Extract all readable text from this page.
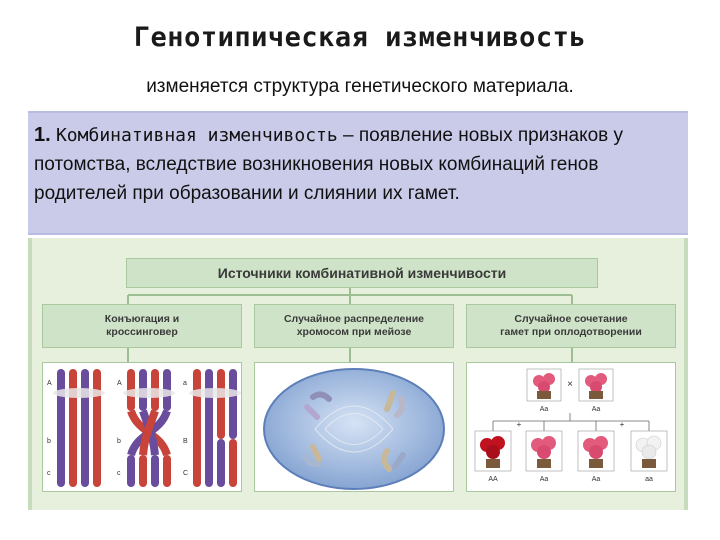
Генотипическая изменчивость
изменяется структура генетического материала.
1. Комбинативная изменчивость – появление новых признаков у потомства, вследствие возникновения новых комбинаций генов родителей при образовании и слиянии их гамет.
Источники комбинативной изменчивости
Конъюгация и
кроссинговер
Случайное распределение
хромосом при мейозе
Случайное сочетание
гамет при оплодотворении
A
b
c
A
b
c
a
B
C
×
Aa	Aa
+	+
AA	Aa	Aa	aa
